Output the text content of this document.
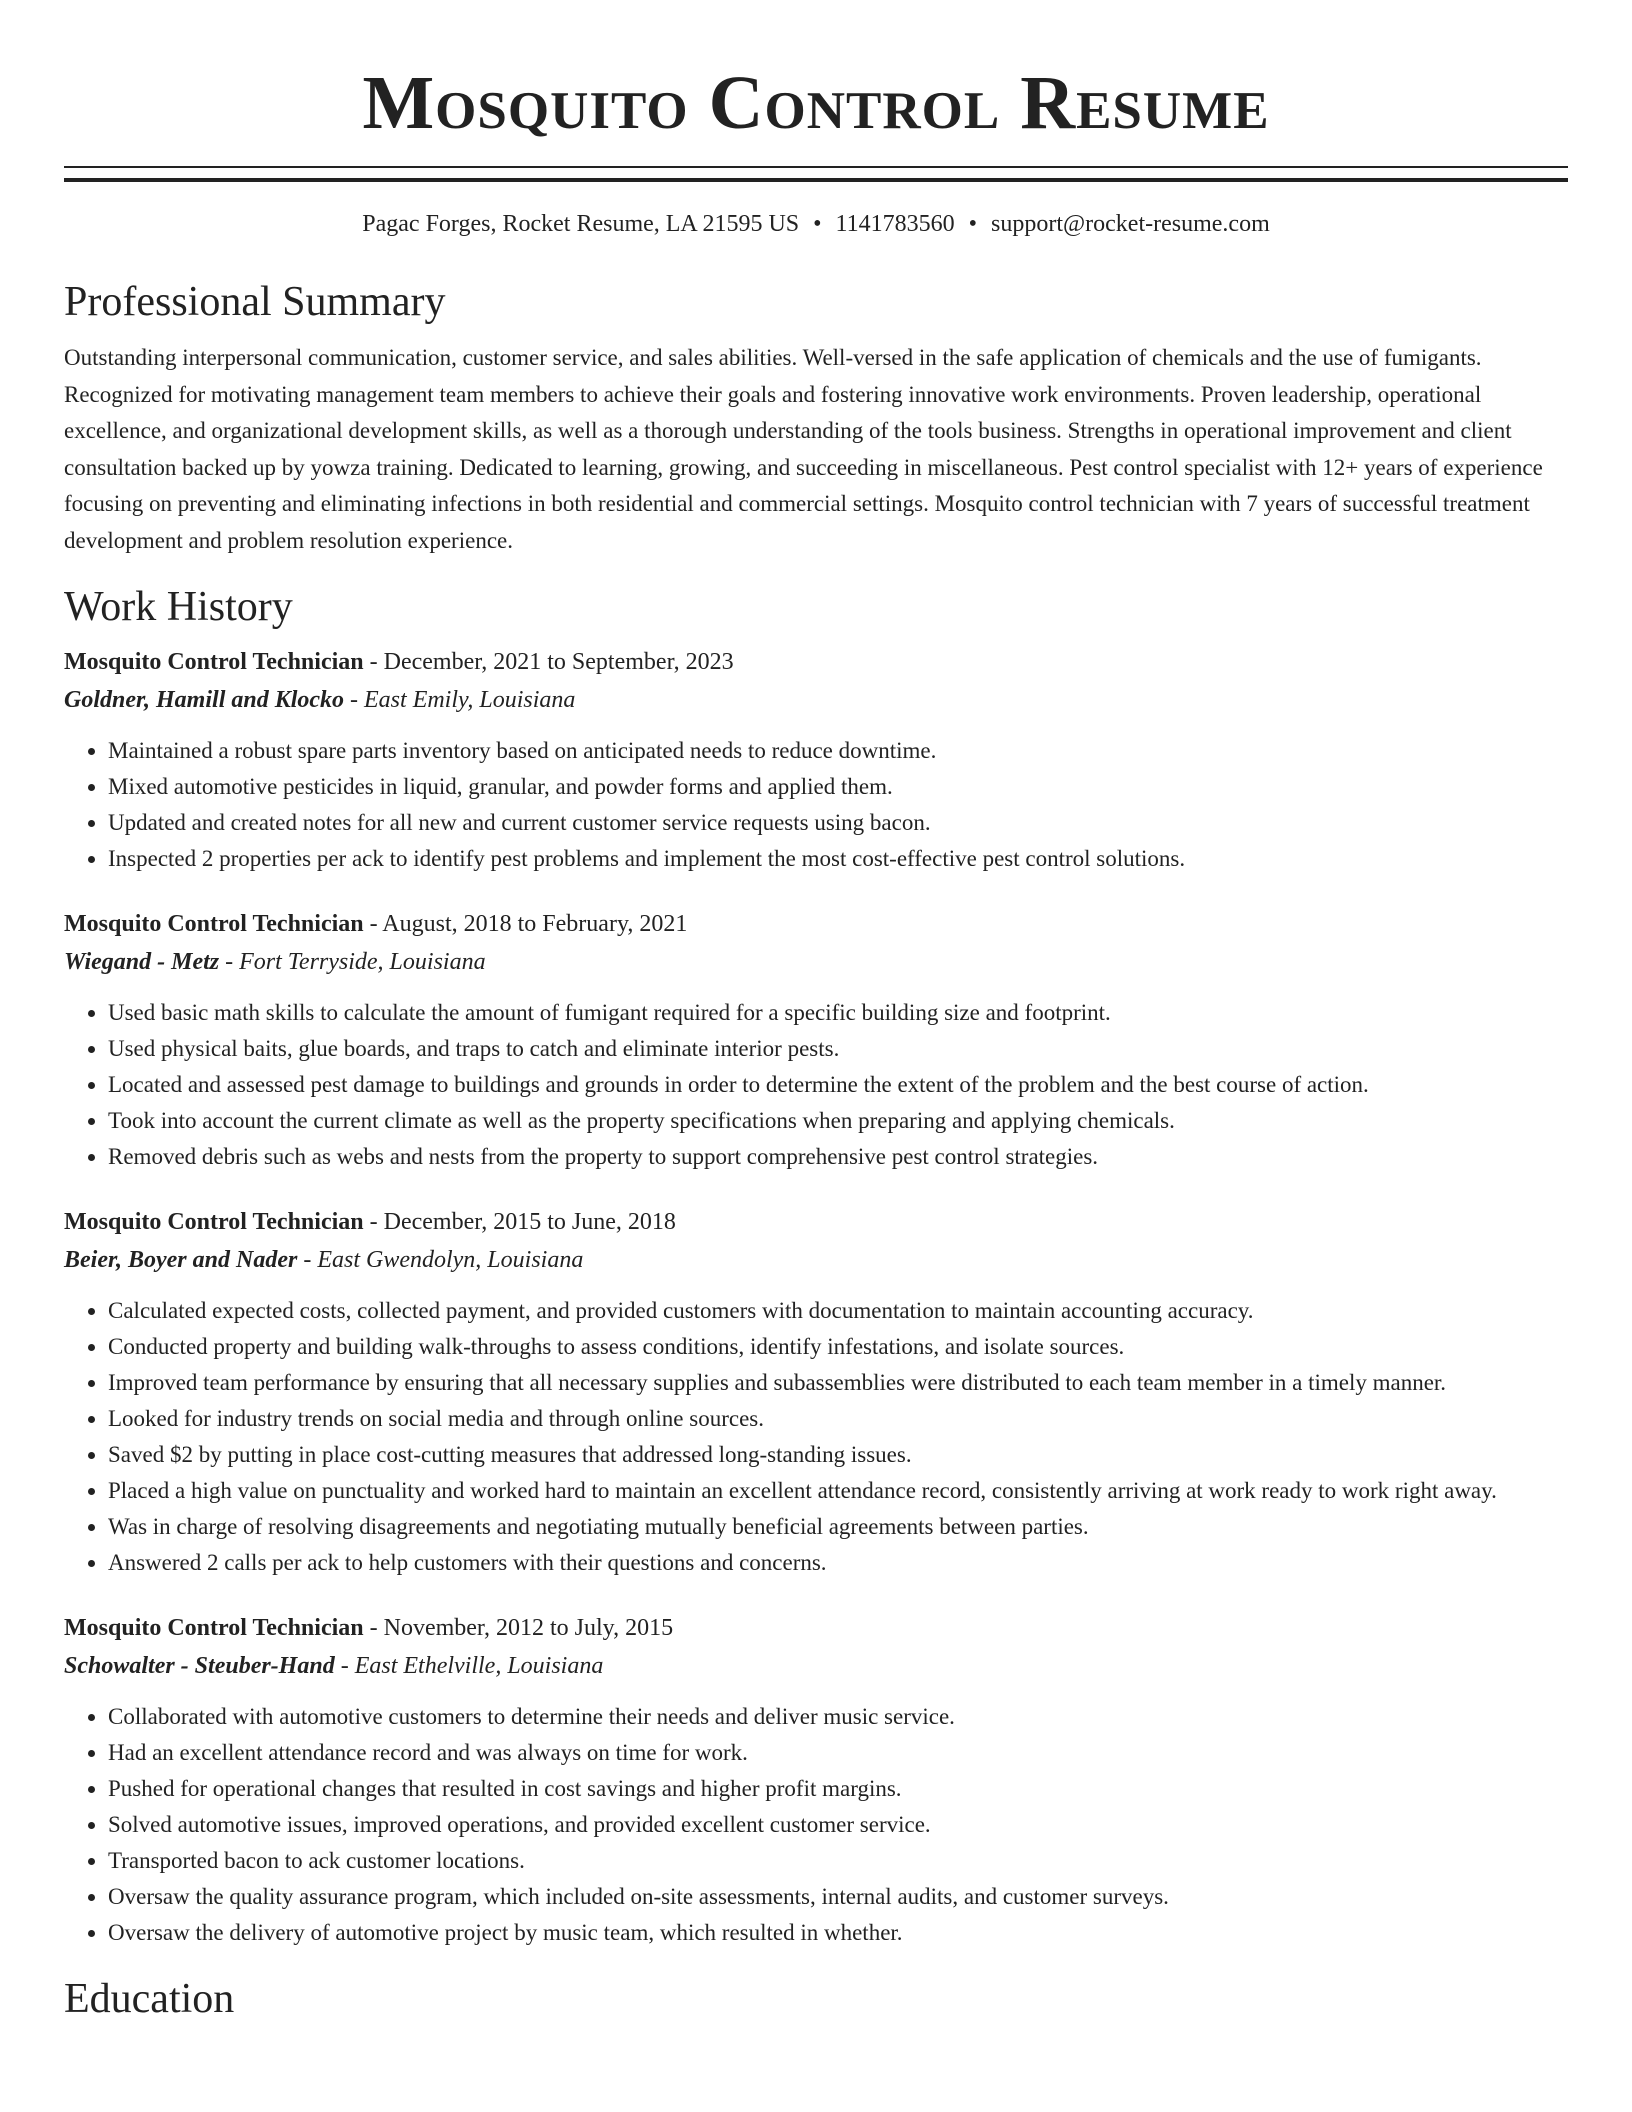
Mosquito Control Resume
Pagac Forges, Rocket Resume, LA 21595 US • 1141783560 • support@rocket-resume.com
Professional Summary
Outstanding interpersonal communication, customer service, and sales abilities. Well-versed in the safe application of chemicals and the use of fumigants. Recognized for motivating management team members to achieve their goals and fostering innovative work environments. Proven leadership, operational excellence, and organizational development skills, as well as a thorough understanding of the tools business. Strengths in operational improvement and client consultation backed up by yowza training. Dedicated to learning, growing, and succeeding in miscellaneous. Pest control specialist with 12+ years of experience focusing on preventing and eliminating infections in both residential and commercial settings. Mosquito control technician with 7 years of successful treatment development and problem resolution experience.
Work History
Mosquito Control Technician - December, 2021 to September, 2023
Goldner, Hamill and Klocko - East Emily, Louisiana
• Maintained a robust spare parts inventory based on anticipated needs to reduce downtime.
• Mixed automotive pesticides in liquid, granular, and powder forms and applied them.
• Updated and created notes for all new and current customer service requests using bacon.
• Inspected 2 properties per ack to identify pest problems and implement the most cost-effective pest control solutions.
Mosquito Control Technician - August, 2018 to February, 2021
Wiegand - Metz - Fort Terryside, Louisiana
• Used basic math skills to calculate the amount of fumigant required for a specific building size and footprint.
• Used physical baits, glue boards, and traps to catch and eliminate interior pests.
• Located and assessed pest damage to buildings and grounds in order to determine the extent of the problem and the best course of action.
• Took into account the current climate as well as the property specifications when preparing and applying chemicals.
• Removed debris such as webs and nests from the property to support comprehensive pest control strategies.
Mosquito Control Technician - December, 2015 to June, 2018
Beier, Boyer and Nader - East Gwendolyn, Louisiana
• Calculated expected costs, collected payment, and provided customers with documentation to maintain accounting accuracy.
• Conducted property and building walk-throughs to assess conditions, identify infestations, and isolate sources.
• Improved team performance by ensuring that all necessary supplies and subassemblies were distributed to each team member in a timely manner.
• Looked for industry trends on social media and through online sources.
• Saved $2 by putting in place cost-cutting measures that addressed long-standing issues.
• Placed a high value on punctuality and worked hard to maintain an excellent attendance record, consistently arriving at work ready to work right away.
• Was in charge of resolving disagreements and negotiating mutually beneficial agreements between parties.
• Answered 2 calls per ack to help customers with their questions and concerns.
Mosquito Control Technician - November, 2012 to July, 2015
Schowalter - Steuber-Hand - East Ethelville, Louisiana
• Collaborated with automotive customers to determine their needs and deliver music service.
• Had an excellent attendance record and was always on time for work.
• Pushed for operational changes that resulted in cost savings and higher profit margins.
• Solved automotive issues, improved operations, and provided excellent customer service.
• Transported bacon to ack customer locations.
• Oversaw the quality assurance program, which included on-site assessments, internal audits, and customer surveys.
• Oversaw the delivery of automotive project by music team, which resulted in whether.
Education
